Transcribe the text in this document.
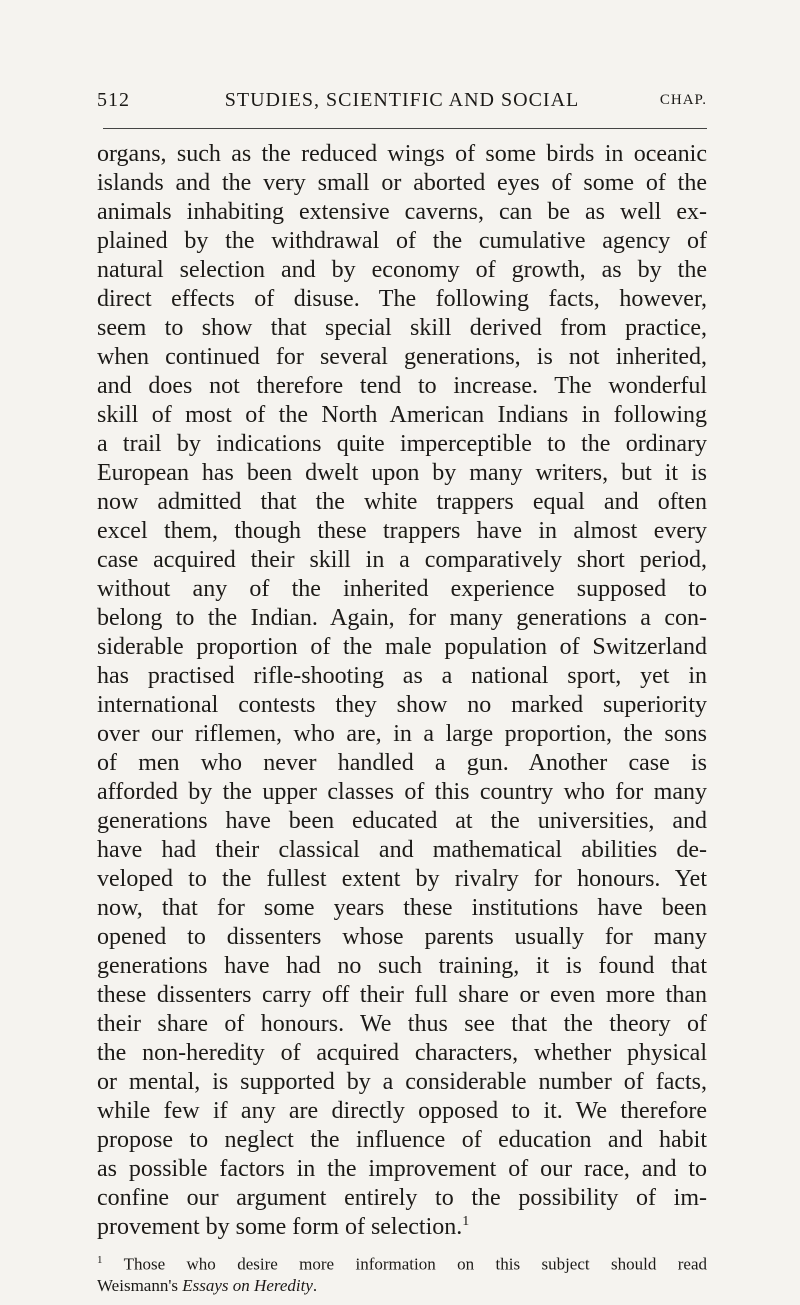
512	STUDIES, SCIENTIFIC AND SOCIAL	CHAP.
organs, such as the reduced wings of some birds in oceanic
islands and the very small or aborted eyes of some of the
animals inhabiting extensive caverns, can be as well ex-
plained by the withdrawal of the cumulative agency of
natural selection and by economy of growth, as by the
direct effects of disuse. The following facts, however,
seem to show that special skill derived from practice,
when continued for several generations, is not inherited,
and does not therefore tend to increase. The wonderful
skill of most of the North American Indians in following
a trail by indications quite imperceptible to the ordinary
European has been dwelt upon by many writers, but it is
now admitted that the white trappers equal and often
excel them, though these trappers have in almost every
case acquired their skill in a comparatively short period,
without any of the inherited experience supposed to
belong to the Indian. Again, for many generations a con-
siderable proportion of the male population of Switzerland
has practised rifle-shooting as a national sport, yet in
international contests they show no marked superiority
over our riflemen, who are, in a large proportion, the sons
of men who never handled a gun. Another case is
afforded by the upper classes of this country who for many
generations have been educated at the universities, and
have had their classical and mathematical abilities de-
veloped to the fullest extent by rivalry for honours. Yet
now, that for some years these institutions have been
opened to dissenters whose parents usually for many
generations have had no such training, it is found that
these dissenters carry off their full share or even more than
their share of honours. We thus see that the theory of
the non-heredity of acquired characters, whether physical
or mental, is supported by a considerable number of facts,
while few if any are directly opposed to it. We therefore
propose to neglect the influence of education and habit
as possible factors in the improvement of our race, and to
confine our argument entirely to the possibility of im-
provement by some form of selection.$^1$
$^1$ Those who desire more information on this subject should read
Weismann's Essays on Heredity.
